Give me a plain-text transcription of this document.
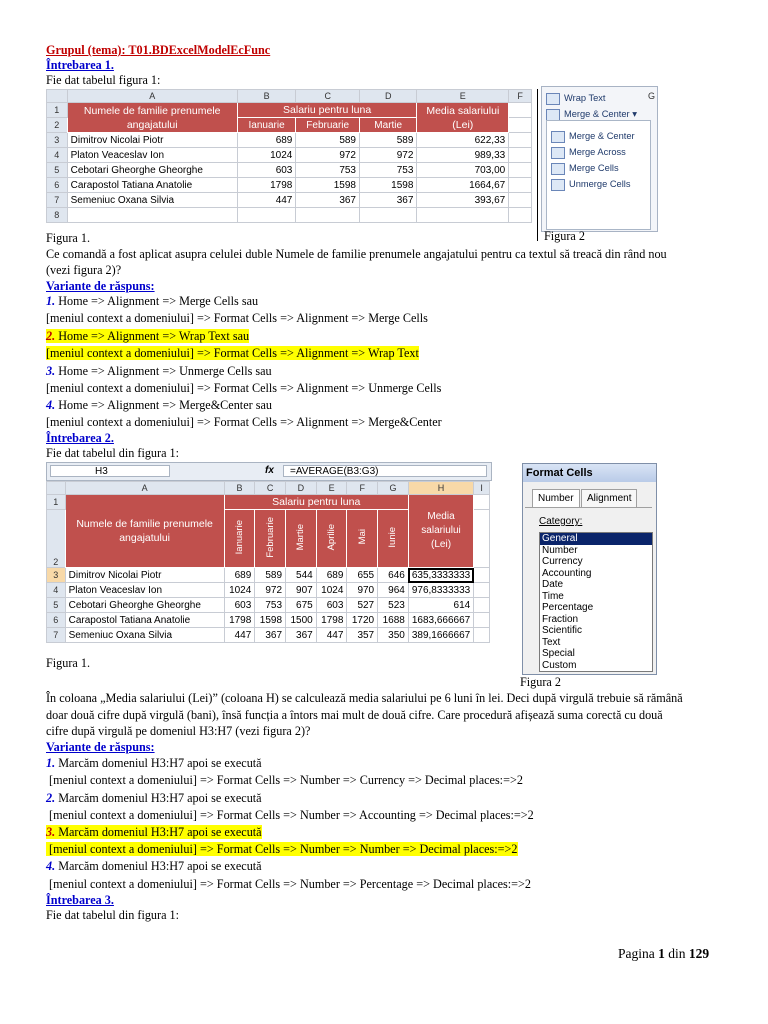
Grupul (tema): T01.BDExcelModelEcFunc
Întrebarea 1.
Fie dat tabelul figura 1:
	A	B	C	D	E	F
1	Numele de familie prenumele angajatului	Salariu pentru luna			Media salariului (Lei)	
2		Ianuarie	Februarie	Martie		
3	Dimitrov Nicolai Piotr	689	589	589	622,33	
4	Platon Veaceslav Ion	1024	972	972	989,33	
5	Cebotari Gheorghe Gheorghe	603	753	753	703,00	
6	Carapostol Tatiana Anatolie	1798	1598	1598	1664,67	
7	Semeniuc Oxana Silvia	447	367	367	393,67	
8						
Wrap Text
Merge & Center ▾
G
Merge & Center
Merge Across
Merge Cells
Unmerge Cells
Figura 1.	Figura 2
Ce comandă a fost aplicat asupra celulei duble Numele de familie prenumele angajatului pentru ca textul să treacă din rând nou
(vezi figura 2)?
Variante de răspuns:
1. Home => Alignment => Merge Cells sau
[meniul context a domeniului] => Format Cells => Alignment => Merge Cells
2. Home => Alignment => Wrap Text sau
[meniul context a domeniului] => Format Cells => Alignment => Wrap Text
3. Home => Alignment => Unmerge Cells sau
[meniul context a domeniului] => Format Cells => Alignment => Unmerge Cells
4. Home => Alignment => Merge&Center sau
[meniul context a domeniului] => Format Cells => Alignment => Merge&Center
Întrebarea 2.
Fie dat tabelul din figura 1:
H3	fx	=AVERAGE(B3:G3)
	A	B	C	D	E	F	G	H	I
1	Numele de familie prenumele angajatului	Salariu pentru luna						Media salariului (Lei)	
2		Ianuarie	Februarie	Martie	Aprilie	Mai	Iunie		
3	Dimitrov Nicolai Piotr	689	589	544	689	655	646	635,3333333	
4	Platon Veaceslav Ion	1024	972	907	1024	970	964	976,8333333	
5	Cebotari Gheorghe Gheorghe	603	753	675	603	527	523	614	
6	Carapostol Tatiana Anatolie	1798	1598	1500	1798	1720	1688	1683,666667	
7	Semeniuc Oxana Silvia	447	367	367	447	357	350	389,1666667	
Format Cells
Number	Alignment
Category:
General
Number
Currency
Accounting
Date
Time
Percentage
Fraction
Scientific
Text
Special
Custom
Figura 1.
Figura 2
În coloana „Media salariului (Lei)” (coloana H) se calculează media salariului pe 6 luni în lei. Deci după virgulă trebuie să rămână
doar două cifre după virgulă (bani), însă funcția a întors mai mult de două cifre. Care procedură afișează suma corectă cu două
cifre după virgulă pe domeniul H3:H7 (vezi figura 2)?
Variante de răspuns:
1. Marcăm domeniul H3:H7 apoi se execută
[meniul context a domeniului] => Format Cells => Number => Currency => Decimal places:=>2
2. Marcăm domeniul H3:H7 apoi se execută
[meniul context a domeniului] => Format Cells => Number => Accounting => Decimal places:=>2
3. Marcăm domeniul H3:H7 apoi se execută
[meniul context a domeniului] => Format Cells => Number => Number => Decimal places:=>2
4. Marcăm domeniul H3:H7 apoi se execută
[meniul context a domeniului] => Format Cells => Number => Percentage => Decimal places:=>2
Întrebarea 3.
Fie dat tabelul din figura 1:
Pagina 1 din 129
